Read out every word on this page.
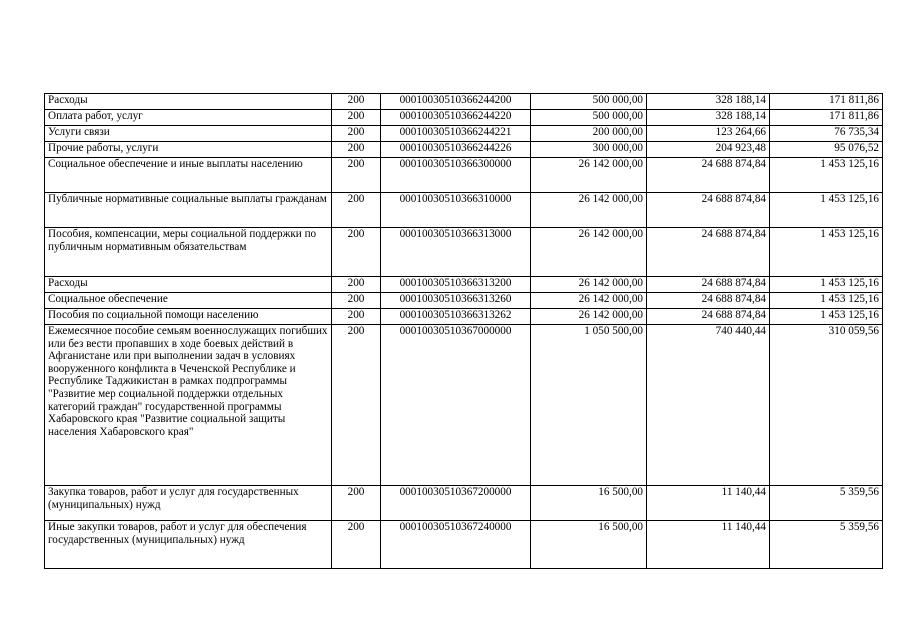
Расходы	200	00010030510366244200	500 000,00	328 188,14	171 811,86
Оплата работ, услуг	200	00010030510366244220	500 000,00	328 188,14	171 811,86
Услуги связи	200	00010030510366244221	200 000,00	123 264,66	76 735,34
Прочие работы, услуги	200	00010030510366244226	300 000,00	204 923,48	95 076,52
Социальное обеспечение и иные выплаты населению	200	00010030510366300000	26 142 000,00	24 688 874,84	1 453 125,16
Публичные нормативные социальные выплаты гражданам	200	00010030510366310000	26 142 000,00	24 688 874,84	1 453 125,16
Пособия, компенсации, меры социальной поддержки по публичным нормативным обязательствам	200	00010030510366313000	26 142 000,00	24 688 874,84	1 453 125,16
Расходы	200	00010030510366313200	26 142 000,00	24 688 874,84	1 453 125,16
Социальное обеспечение	200	00010030510366313260	26 142 000,00	24 688 874,84	1 453 125,16
Пособия по социальной помощи населению	200	00010030510366313262	26 142 000,00	24 688 874,84	1 453 125,16
Ежемесячное пособие семьям военнослужащих погибших или без вести пропавших в ходе боевых действий в Афганистане или при выполнении задач в условиях вооруженного конфликта в Чеченской Республике и Республике Таджикистан в рамках подпрограммы "Развитие мер социальной поддержки отдельных категорий граждан" государственной программы Хабаровского края "Развитие социальной защиты населения Хабаровского края"	200	00010030510367000000	1 050 500,00	740 440,44	310 059,56
Закупка товаров, работ и услуг для государственных (муниципальных) нужд	200	00010030510367200000	16 500,00	11 140,44	5 359,56
Иные закупки товаров, работ и услуг для обеспечения государственных (муниципальных) нужд	200	00010030510367240000	16 500,00	11 140,44	5 359,56
